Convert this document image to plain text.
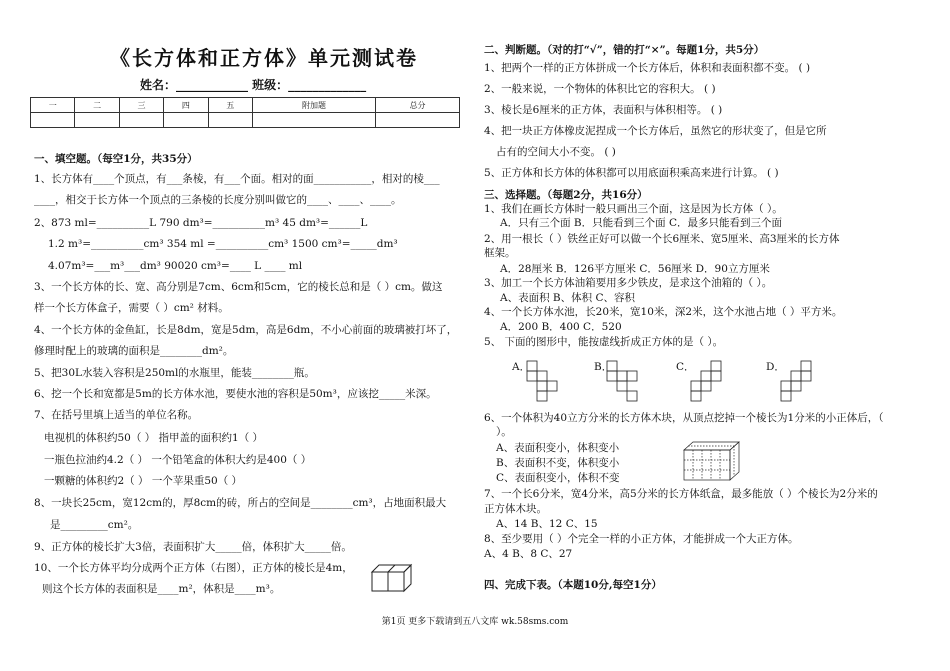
《长方体和正方体》单元测试卷
姓名：____________ 班级：_____________
一	二	三	四	五	附加题	总分

一、填空题。（每空1分，共35分）
1、长方体有____个顶点，有___条棱，有___个面。相对的面___________，相对的棱___
____，相交于长方体一个顶点的三条棱的长度分别叫做它的____、____、____。
2、873 ml=__________L 790 dm³=__________m³ 45 dm³=______L
1.2 m³=__________cm³ 354 ml =__________cm³ 1500 cm³=_____dm³
4.07m³=___m³___dm³ 90020 cm³=____ L ____ ml
3、一个长方体的长、宽、高分别是7cm、6cm和5cm，它的棱长总和是（ ）cm。做这
样一个长方体盒子，需要（ ）cm² 材料。
4、一个长方体的金鱼缸，长是8dm，宽是5dm，高是6dm，不小心前面的玻璃被打坏了，
修理时配上的玻璃的面积是________dm²。
5、把30L水装入容积是250ml的水瓶里，能装________瓶。
6、挖一个长和宽都是5m的长方体水池，要使水池的容积是50m³，应该挖_____米深。
7、在括号里填上适当的单位名称。
电视机的体积约50（ ） 指甲盖的面积约1（ ）
一瓶色拉油约4.2（ ） 一个铅笔盒的体积大约是400（ ）
一颗糖的体积约2（ ） 一个苹果重50（ ）
8、一块长25cm，宽12cm的，厚8cm的砖，所占的空间是________cm³，占地面积最大
是_________cm²。
9、正方体的棱长扩大3倍，表面积扩大_____倍，体积扩大_____倍。
10、一个长方体平均分成两个正方体（右图），正方体的棱长是4m，
则这个长方体的表面积是____m²，体积是____m³。
二、判断题。（对的打“√”，错的打“×”。每题1分，共5分）
1、把两个一样的正方体拼成一个长方体后，体积和表面积都不变。 ( )
2、一般来说，一个物体的体积比它的容积大。 ( )
3、棱长是6厘米的正方体，表面积与体积相等。 ( )
4、把一块正方体橡皮泥捏成一个长方体后，虽然它的形状变了，但是它所
占有的空间大小不变。 ( )
5、正方体和长方体的体积都可以用底面积乘高来进行计算。 ( )
三、选择题。（每题2分，共16分）
1、我们在画长方体时一般只画出三个面，这是因为长方体（ ）。
A．只有三个面 B．只能看到三个面 C．最多只能看到三个面
2、用一根长（ ）铁丝正好可以做一个长6厘米、宽5厘米、高3厘米的长方体
框架。
A．28厘米 B．126平方厘米 C．56厘米 D．90立方厘米
3、加工一个长方体油箱要用多少铁皮，是求这个油箱的（ ）。
A、表面积 B、体积 C、容积
4、一个长方体水池，长20米，宽10米，深2米，这个水池占地（ ）平方米。
A．200 B．400 C．520
5、 下面的图形中，能按虚线折成正方体的是（ ）。
A．	B．	C．	D．
6、一个体积为40立方分米的长方体木块，从顶点挖掉一个棱长为1分米的小正体后，（
）。
A、表面积变小，体积变小
B、表面积不变，体积变小
C、表面积变小，体积不变
7、一个长6分米，宽4分米，高5分米的长方体纸盒，最多能放（ ）个棱长为2分米的
正方体木块。
A、14 B、12 C、15
8、至少要用（ ）个完全一样的小正方体，才能拼成一个大正方体。
A、4 B、8 C、27
四、完成下表。（本题10分,每空1分）
第1页 更多下载请到五八文库 wk.58sms.com
